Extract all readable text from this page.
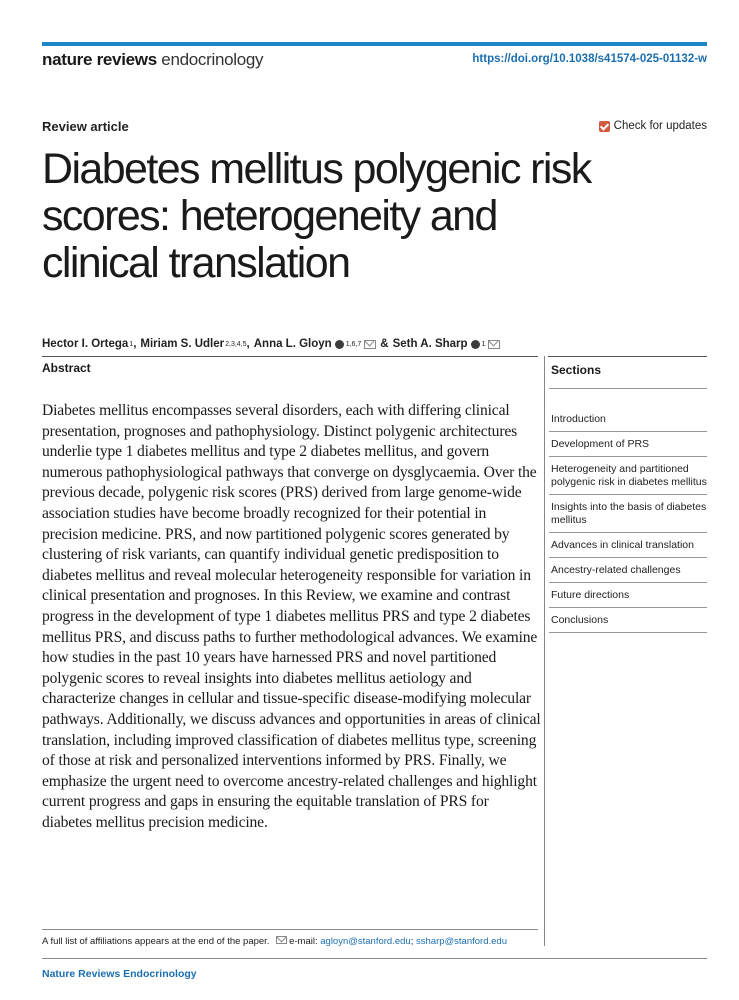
nature reviews endocrinology	https://doi.org/10.1038/s41574-025-01132-w
Review article	Check for updates
Diabetes mellitus polygenic risk scores: heterogeneity and clinical translation
Hector I. Ortega 1 , Miriam S. Udler 2,3,4,5 , Anna L. Gloyn 1,6,7 & Seth A. Sharp 1
Abstract

Diabetes mellitus encompasses several disorders, each with differing clinical presentation, prognoses and pathophysiology. Distinct polygenic architectures underlie type 1 diabetes mellitus and type 2 diabetes mellitus, and govern numerous pathophysiological pathways that converge on dysglycaemia. Over the previous decade, polygenic risk scores (PRS) derived from large genome-wide association studies have become broadly recognized for their potential in precision medicine. PRS, and now partitioned polygenic scores generated by clustering of risk variants, can quantify individual genetic predisposition to diabetes mellitus and reveal molecular heterogeneity responsible for variation in clinical presentation and prognoses. In this Review, we examine and contrast progress in the development of type 1 diabetes mellitus PRS and type 2 diabetes mellitus PRS, and discuss paths to further methodological advances. We examine how studies in the past 10 years have harnessed PRS and novel partitioned polygenic scores to reveal insights into diabetes mellitus aetiology and characterize changes in cellular and tissue-specific disease-modifying molecular pathways. Additionally, we discuss advances and opportunities in areas of clinical translation, including improved classification of diabetes mellitus type, screening of those at risk and personalized interventions informed by PRS. Finally, we emphasize the urgent need to overcome ancestry-related challenges and highlight current progress and gaps in ensuring the equitable translation of PRS for diabetes mellitus precision medicine.

Sections
Introduction
Development of PRS
Heterogeneity and partitioned polygenic risk in diabetes mellitus
Insights into the basis of diabetes mellitus
Advances in clinical translation
Ancestry-related challenges
Future directions
Conclusions
A full list of affiliations appears at the end of the paper. e-mail: agloyn@stanford.edu; ssharp@stanford.edu
Nature Reviews Endocrinology
